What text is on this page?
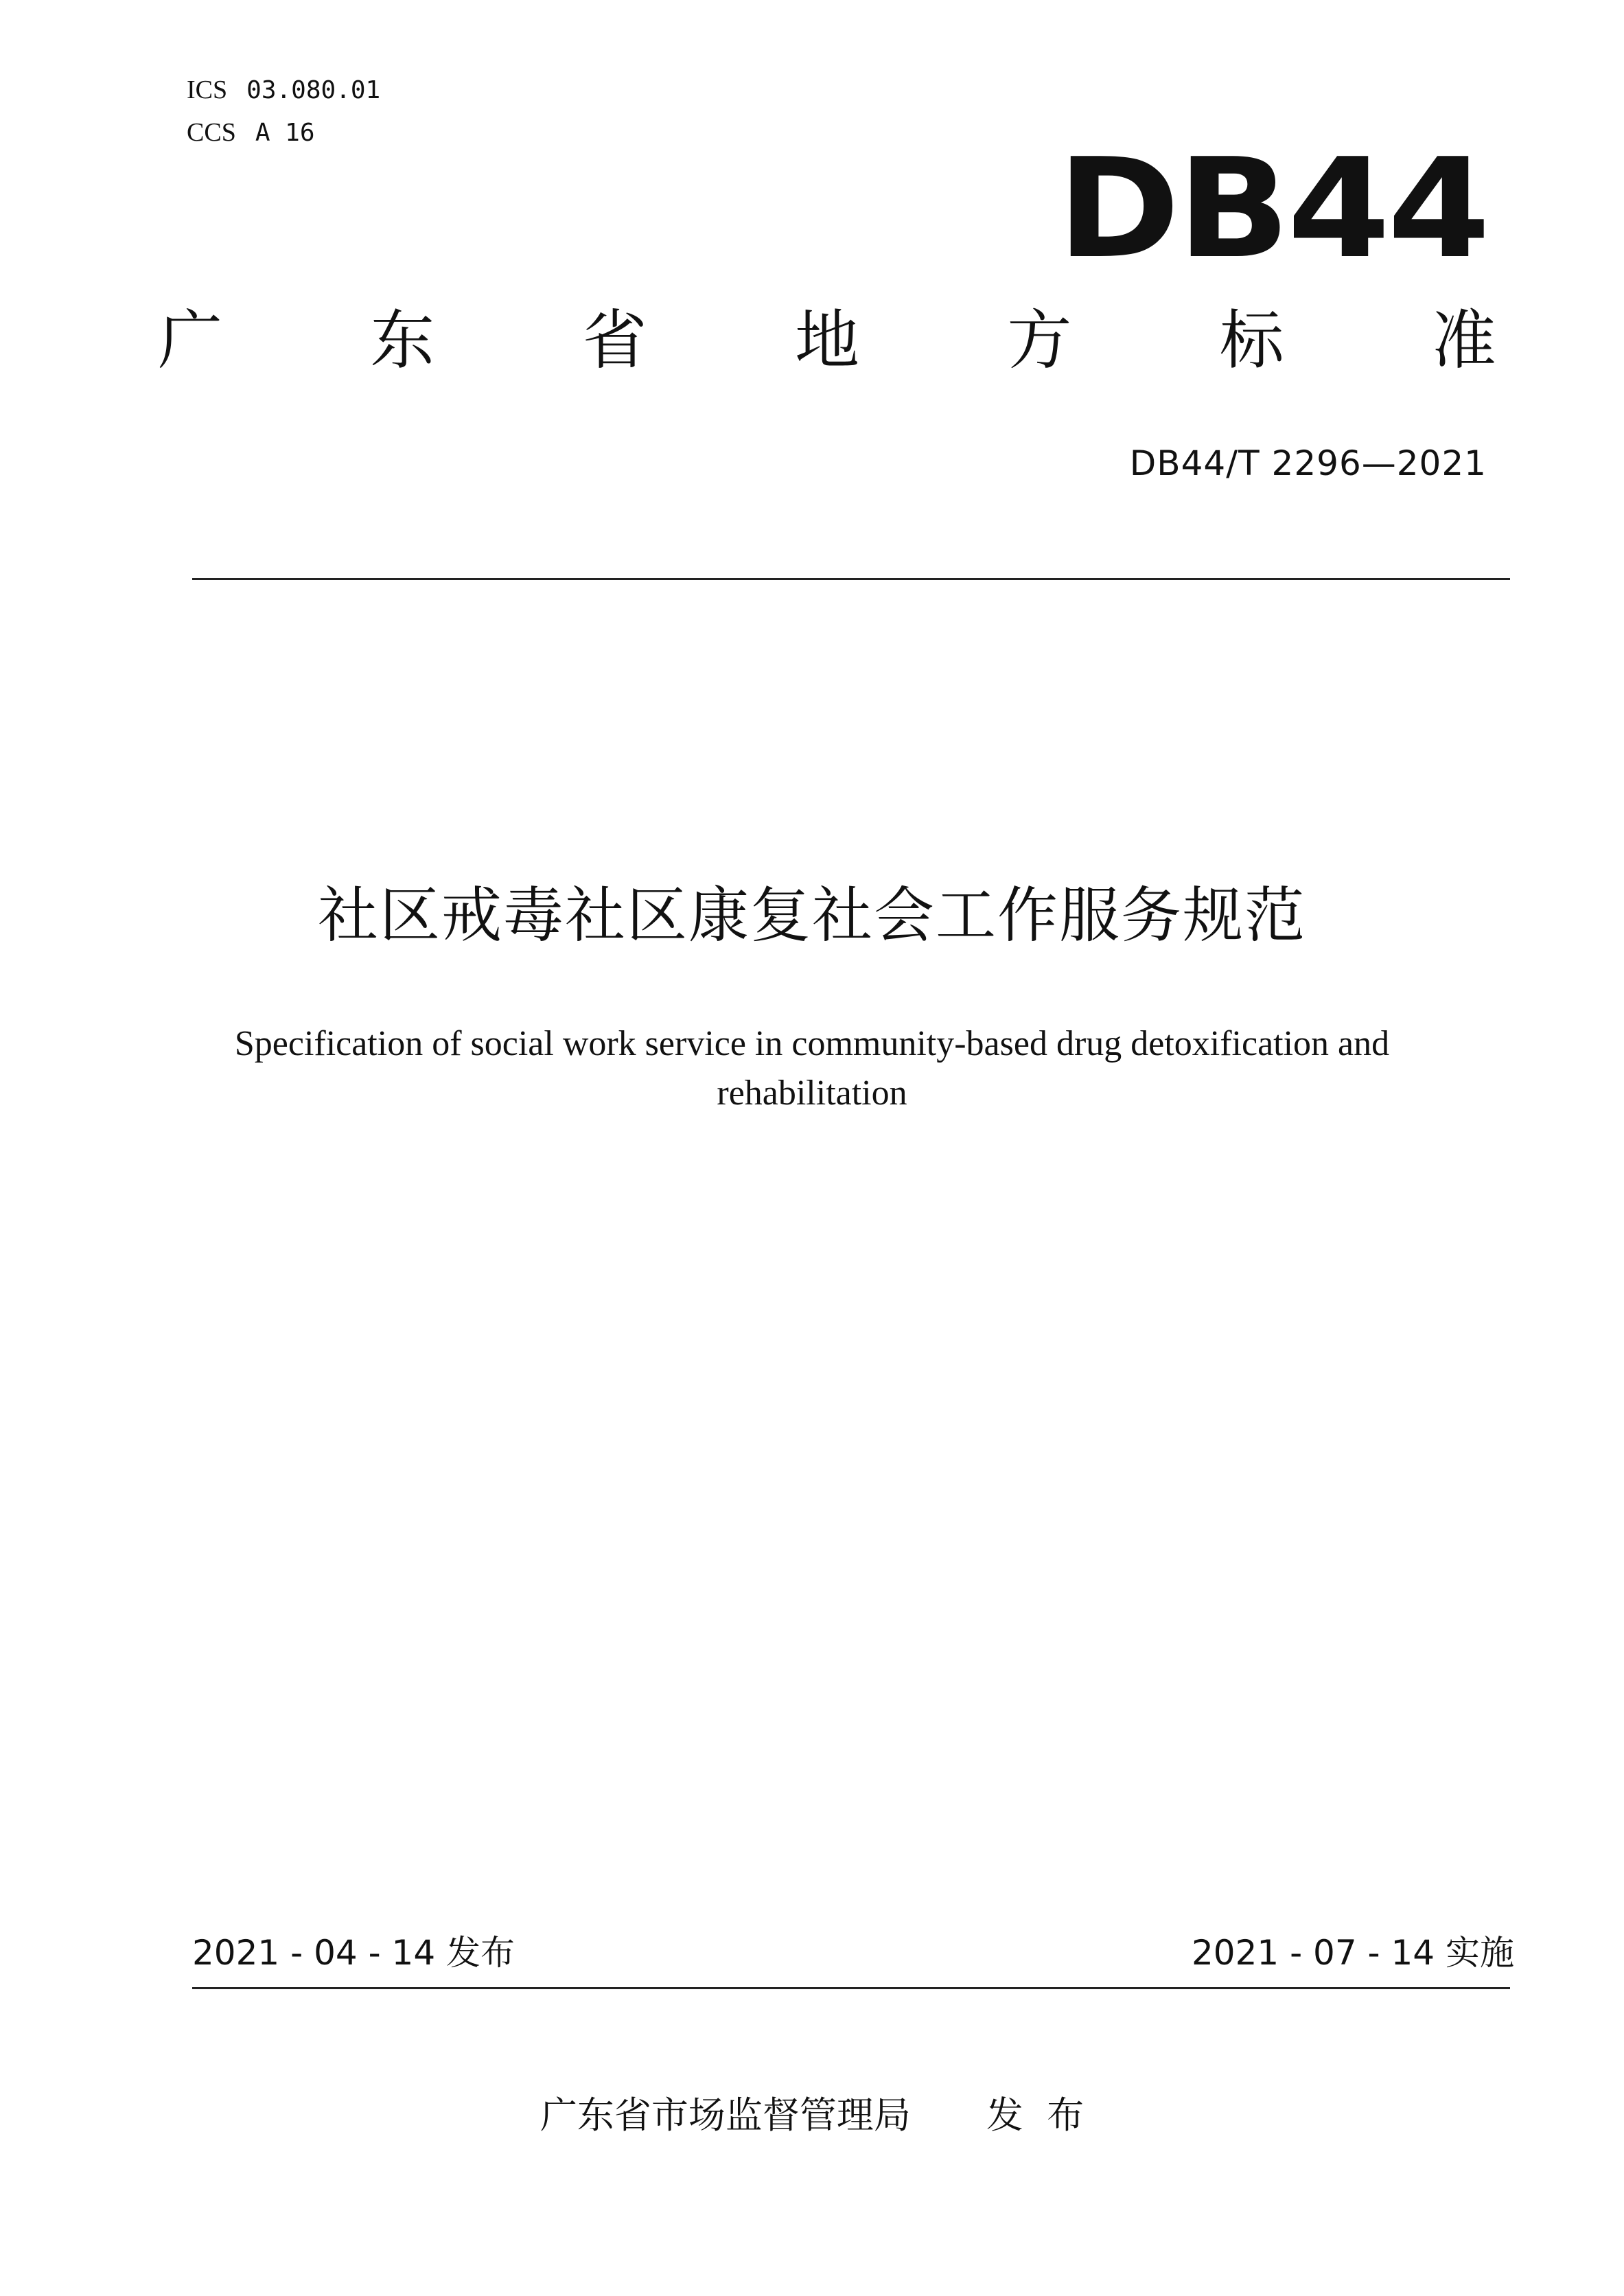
ICS 03.080.01
CCS A 16	DB44
广 东 省 地 方 标 准
DB44/T 2296—2021
社区戒毒社区康复社会工作服务规范
Specification of social work service in community-based drug detoxification and
rehabilitation
2021 - 04 - 14 发布	2021 - 07 - 14 实施
广东省市场监督管理局 发  布
